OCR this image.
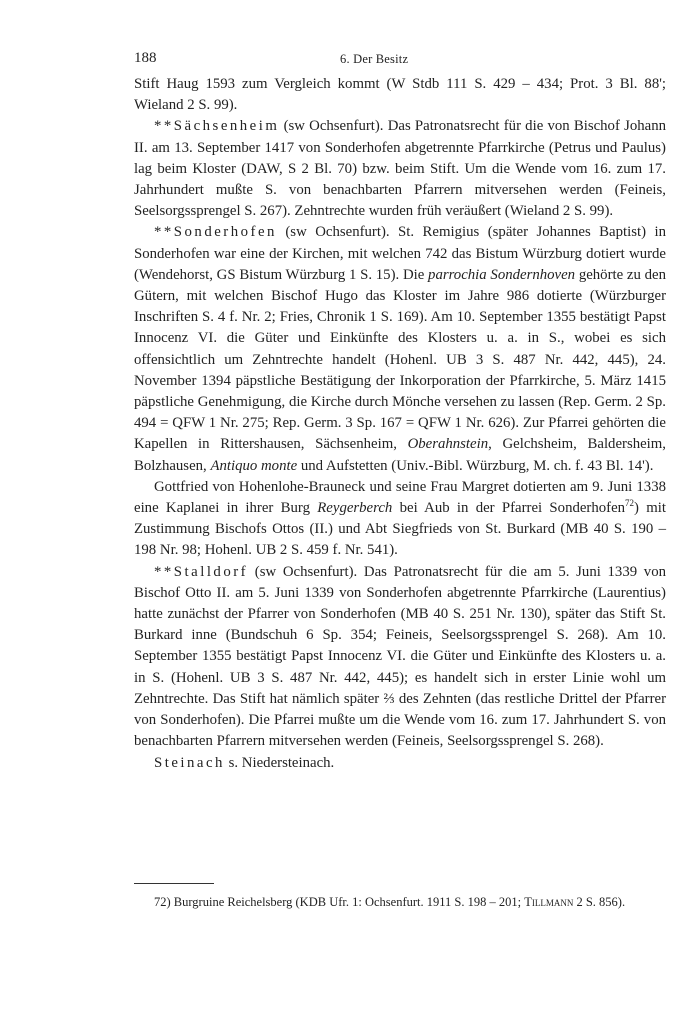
188	6. Der Besitz

Stift Haug 1593 zum Vergleich kommt (W Stdb 111 S. 429 – 434; Prot. 3 Bl. 88'; Wieland 2 S. 99).

**Sächsenheim (sw Ochsenfurt). Das Patronatsrecht für die von Bischof Johann II. am 13. September 1417 von Sonderhofen abgetrennte Pfarrkirche (Petrus und Paulus) lag beim Kloster (DAW, S 2 Bl. 70) bzw. beim Stift. Um die Wende vom 16. zum 17. Jahrhundert mußte S. von benachbarten Pfarrern mitversehen werden (Feineis, Seelsorgssprengel S. 267). Zehntrechte wurden früh veräußert (Wieland 2 S. 99).

**Sonderhofen (sw Ochsenfurt). St. Remigius (später Johannes Baptist) in Sonderhofen war eine der Kirchen, mit welchen 742 das Bistum Würzburg dotiert wurde (Wendehorst, GS Bistum Würzburg 1 S. 15). Die parrochia Sondernhoven gehörte zu den Gütern, mit welchen Bischof Hugo das Kloster im Jahre 986 dotierte (Würzburger Inschriften S. 4 f. Nr. 2; Fries, Chronik 1 S. 169). Am 10. September 1355 bestätigt Papst Innocenz VI. die Güter und Einkünfte des Klosters u. a. in S., wobei es sich offensichtlich um Zehntrechte handelt (Hohenl. UB 3 S. 487 Nr. 442, 445), 24. November 1394 päpstliche Bestätigung der Inkorporation der Pfarrkirche, 5. März 1415 päpstliche Genehmigung, die Kirche durch Mönche versehen zu lassen (Rep. Germ. 2 Sp. 494 = QFW 1 Nr. 275; Rep. Germ. 3 Sp. 167 = QFW 1 Nr. 626). Zur Pfarrei gehörten die Kapellen in Rittershausen, Sächsenheim, Oberahnstein, Gelchsheim, Baldersheim, Bolzhausen, Antiquo monte und Aufstetten (Univ.-Bibl. Würzburg, M. ch. f. 43 Bl. 14').

Gottfried von Hohenlohe-Brauneck und seine Frau Margret dotierten am 9. Juni 1338 eine Kaplanei in ihrer Burg Reygerberch bei Aub in der Pfarrei Sonderhofen$^{72}$) mit Zustimmung Bischofs Ottos (II.) und Abt Siegfrieds von St. Burkard (MB 40 S. 190 – 198 Nr. 98; Hohenl. UB 2 S. 459 f. Nr. 541).

**Stalldorf (sw Ochsenfurt). Das Patronatsrecht für die am 5. Juni 1339 von Bischof Otto II. am 5. Juni 1339 von Sonderhofen abgetrennte Pfarrkirche (Laurentius) hatte zunächst der Pfarrer von Sonderhofen (MB 40 S. 251 Nr. 130), später das Stift St. Burkard inne (Bundschuh 6 Sp. 354; Feineis, Seelsorgssprengel S. 268). Am 10. September 1355 bestätigt Papst Innocenz VI. die Güter und Einkünfte des Klosters u. a. in S. (Hohenl. UB 3 S. 487 Nr. 442, 445); es handelt sich in erster Linie wohl um Zehntrechte. Das Stift hat nämlich später ⅔ des Zehnten (das restliche Drittel der Pfarrer von Sonderhofen). Die Pfarrei mußte um die Wende vom 16. zum 17. Jahrhundert S. von benachbarten Pfarrern mitversehen werden (Feineis, Seelsorgssprengel S. 268).

Steinach s. Niedersteinach.

72) Burgruine Reichelsberg (KDB Ufr. 1: Ochsenfurt. 1911 S. 198 – 201; Tillmann 2 S. 856).
